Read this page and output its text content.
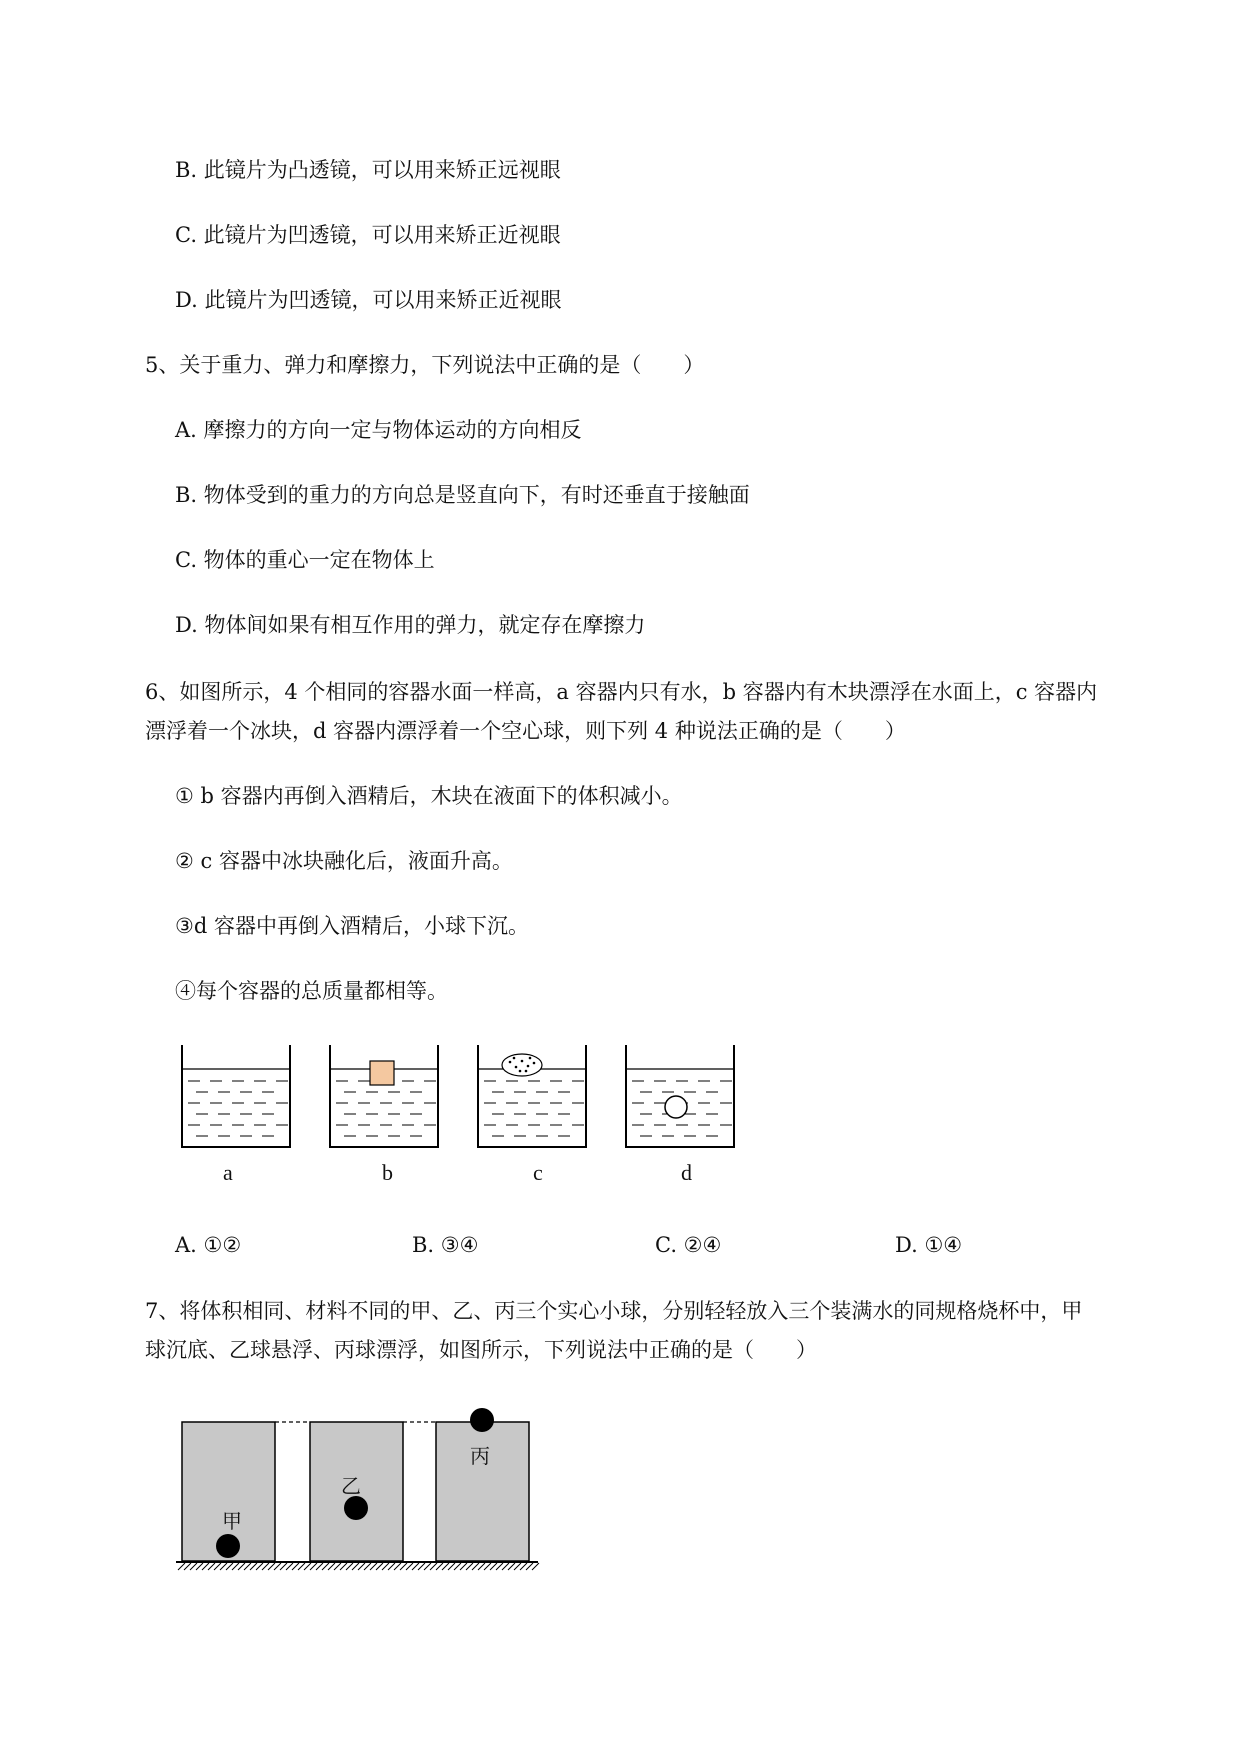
B. 此镜片为凸透镜，可以用来矫正远视眼
C. 此镜片为凹透镜，可以用来矫正近视眼
D. 此镜片为凹透镜，可以用来矫正近视眼
5、关于重力、弹力和摩擦力，下列说法中正确的是（　　）
A. 摩擦力的方向一定与物体运动的方向相反
B. 物体受到的重力的方向总是竖直向下，有时还垂直于接触面
C. 物体的重心一定在物体上
D. 物体间如果有相互作用的弹力，就定存在摩擦力
6、如图所示，4 个相同的容器水面一样高，a 容器内只有水，b 容器内有木块漂浮在水面上，c 容器内
漂浮着一个冰块，d 容器内漂浮着一个空心球，则下列 4 种说法正确的是（　　）
① b 容器内再倒入酒精后，木块在液面下的体积减小。
② c 容器中冰块融化后，液面升高。
③d 容器中再倒入酒精后，小球下沉。
④每个容器的总质量都相等。
a	b	c	d
A. ①②	B. ③④	C. ②④	D. ①④
7、将体积相同、材料不同的甲、乙、丙三个实心小球，分别轻轻放入三个装满水的同规格烧杯中，甲
球沉底、乙球悬浮、丙球漂浮，如图所示，下列说法中正确的是（　　）
甲
乙
丙
